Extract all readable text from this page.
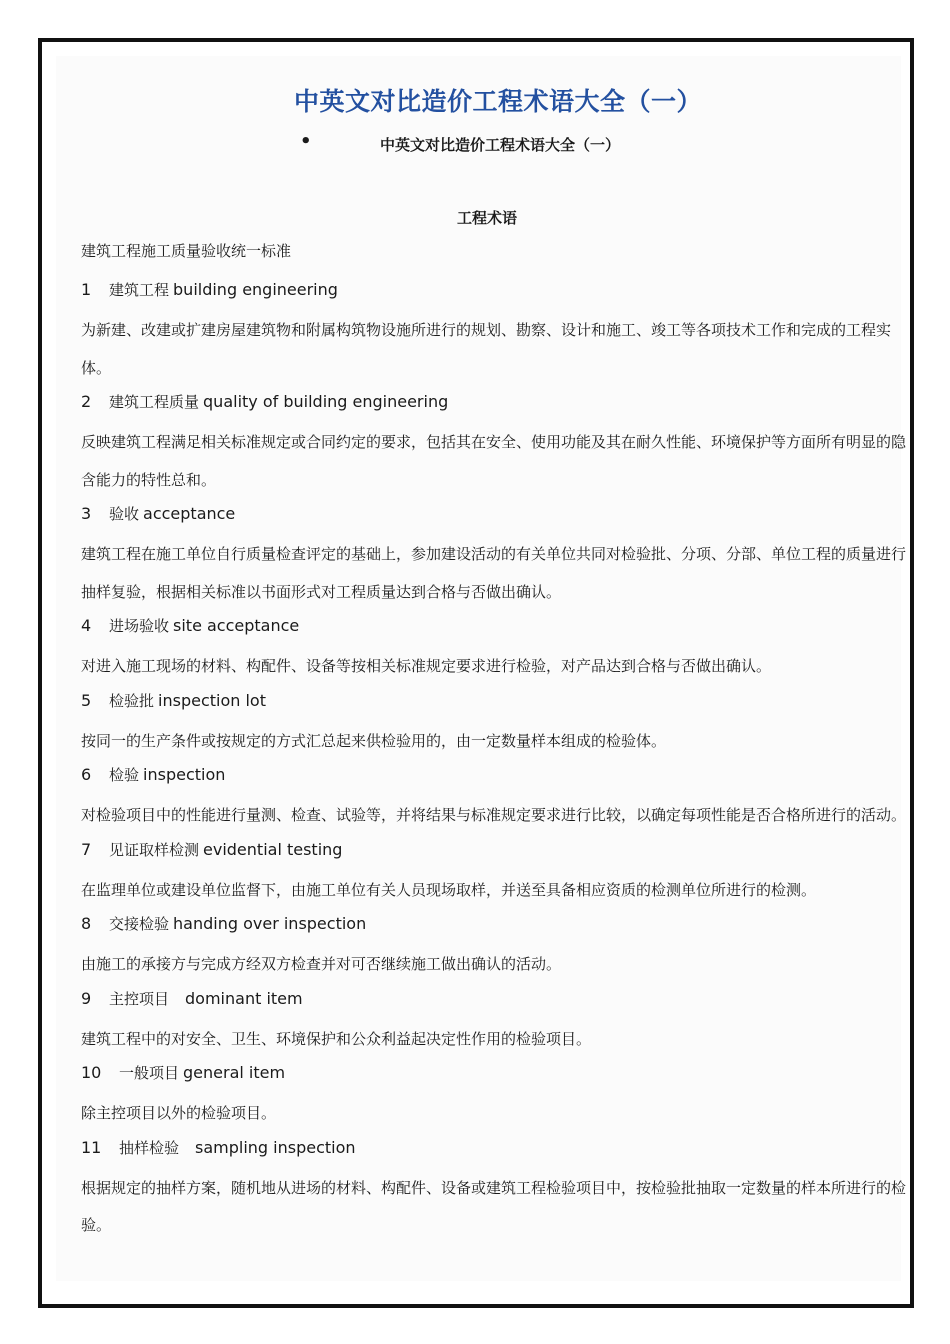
中英文对比造价工程术语大全（一）
•	中英文对比造价工程术语大全（一）
工程术语
建筑工程施工质量验收统一标准
1 建筑工程 building engineering
为新建、改建或扩建房屋建筑物和附属构筑物设施所进行的规划、勘察、设计和施工、竣工等各项技术工作和完成的工程实体。
2 建筑工程质量 quality of building engineering
反映建筑工程满足相关标准规定或合同约定的要求，包括其在安全、使用功能及其在耐久性能、环境保护等方面所有明显的隐含能力的特性总和。
3 验收 acceptance
建筑工程在施工单位自行质量检查评定的基础上，参加建设活动的有关单位共同对检验批、分项、分部、单位工程的质量进行抽样复验，根据相关标准以书面形式对工程质量达到合格与否做出确认。
4 进场验收 site acceptance
对进入施工现场的材料、构配件、设备等按相关标准规定要求进行检验，对产品达到合格与否做出确认。
5 检验批 inspection lot
按同一的生产条件或按规定的方式汇总起来供检验用的，由一定数量样本组成的检验体。
6 检验 inspection
对检验项目中的性能进行量测、检查、试验等，并将结果与标准规定要求进行比较，以确定每项性能是否合格所进行的活动。
7 见证取样检测 evidential testing
在监理单位或建设单位监督下，由施工单位有关人员现场取样，并送至具备相应资质的检测单位所进行的检测。
8 交接检验 handing over inspection
由施工的承接方与完成方经双方检查并对可否继续施工做出确认的活动。
9 主控项目 dominant item
建筑工程中的对安全、卫生、环境保护和公众利益起决定性作用的检验项目。
10 一般项目 general item
除主控项目以外的检验项目。
11 抽样检验 sampling inspection
根据规定的抽样方案，随机地从进场的材料、构配件、设备或建筑工程检验项目中，按检验批抽取一定数量的样本所进行的检验。
